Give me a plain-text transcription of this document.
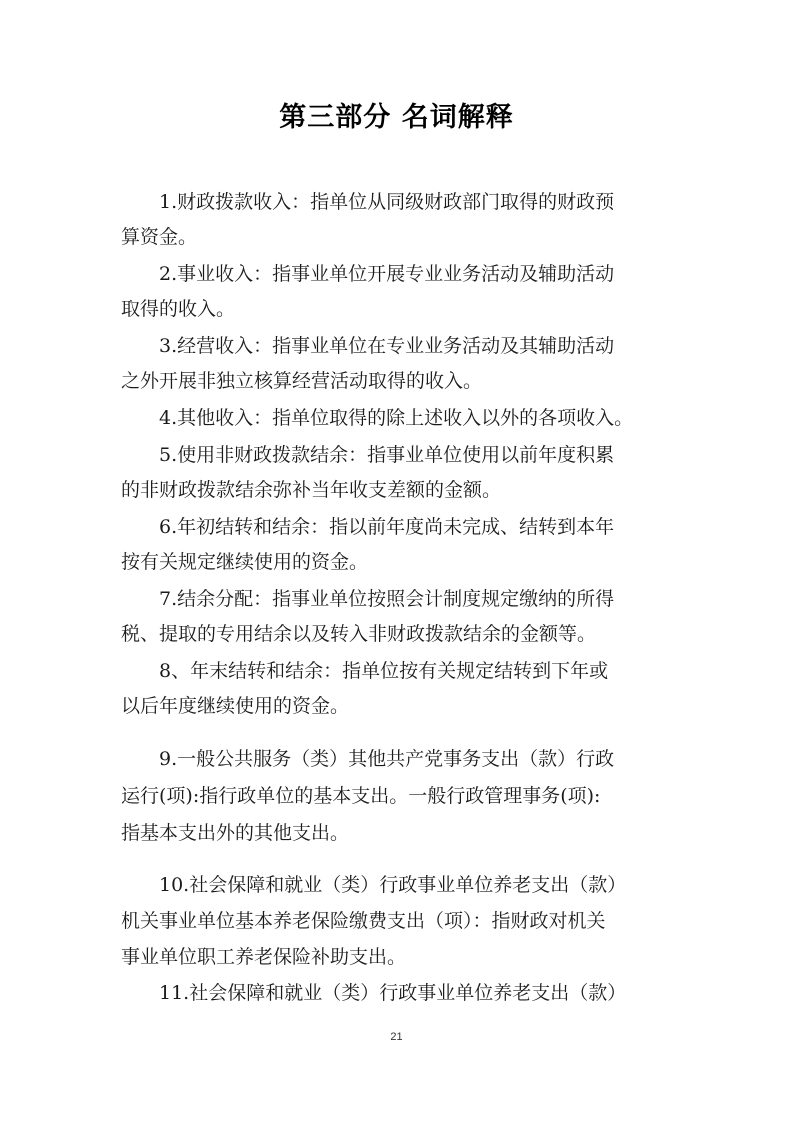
第三部分 名词解释
1.财政拨款收入：指单位从同级财政部门取得的财政预
算资金。
2.事业收入：指事业单位开展专业业务活动及辅助活动
取得的收入。
3.经营收入：指事业单位在专业业务活动及其辅助活动
之外开展非独立核算经营活动取得的收入。
4.其他收入：指单位取得的除上述收入以外的各项收入。
5.使用非财政拨款结余：指事业单位使用以前年度积累
的非财政拨款结余弥补当年收支差额的金额。
6.年初结转和结余：指以前年度尚未完成、结转到本年
按有关规定继续使用的资金。
7.结余分配：指事业单位按照会计制度规定缴纳的所得
税、提取的专用结余以及转入非财政拨款结余的金额等。
8、年末结转和结余：指单位按有关规定结转到下年或
以后年度继续使用的资金。
9.一般公共服务（类）其他共产党事务支出（款）行政
运行(项):指行政单位的基本支出。一般行政管理事务(项):
指基本支出外的其他支出。
10.社会保障和就业（类）行政事业单位养老支出（款）
机关事业单位基本养老保险缴费支出（项）：指财政对机关
事业单位职工养老保险补助支出。
11.社会保障和就业（类）行政事业单位养老支出（款）
21
